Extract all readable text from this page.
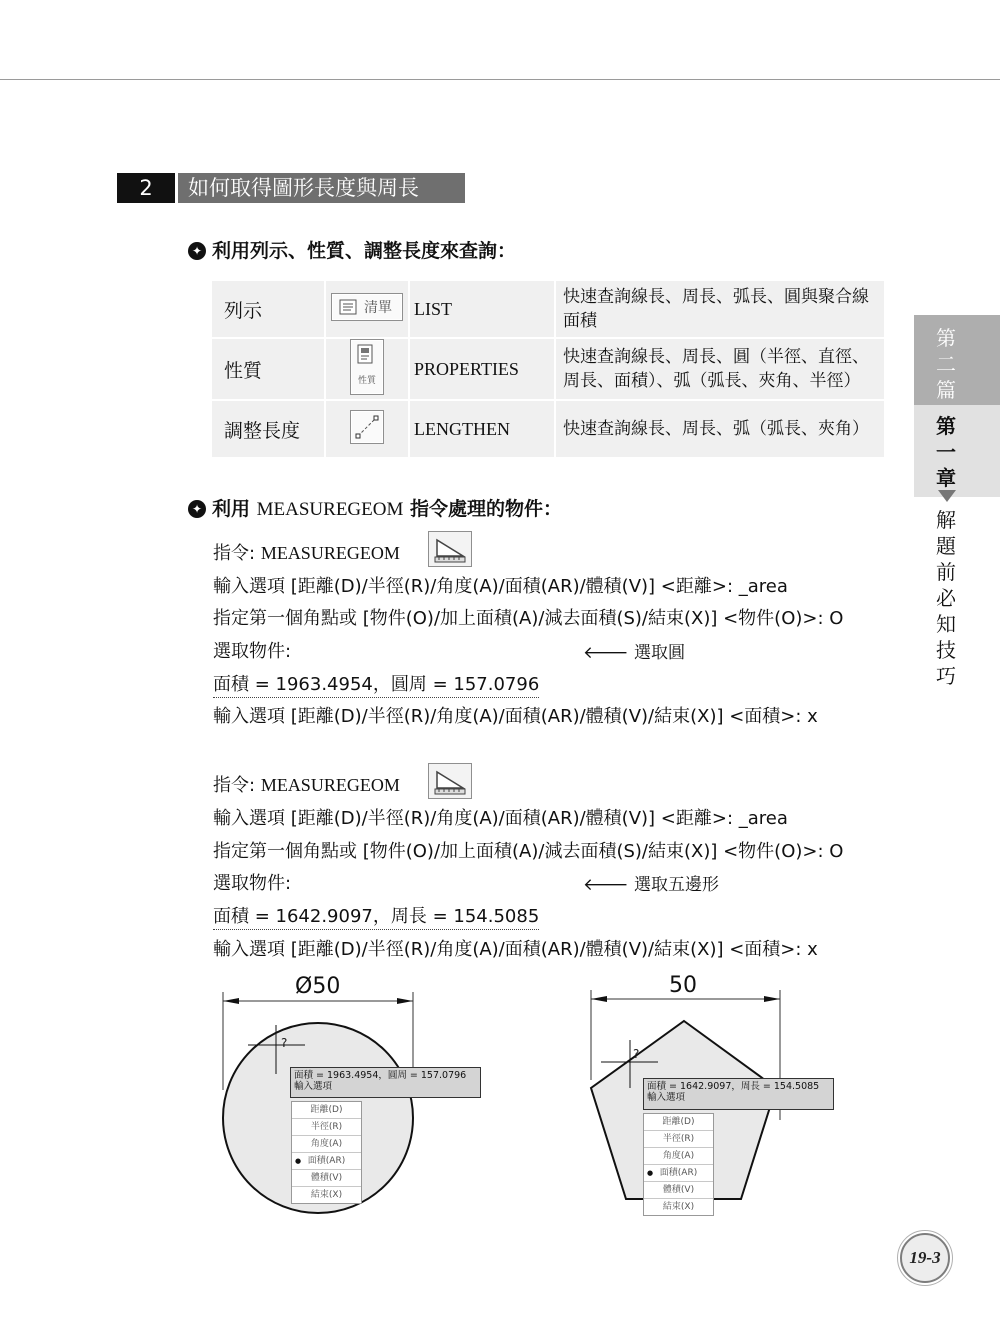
2	如何取得圖形長度與周長
✦ 利用列示、性質、調整長度來查詢：
列示	清單	LIST	快速查詢線長、周長、弧長、圓與聚合線面積
性質	性質	PROPERTIES	快速查詢線長、周長、圓（半徑、直徑、周長、面積）、弧（弧長、夾角、半徑）
調整長度		LENGTHEN	快速查詢線長、周長、弧（弧長、夾角）
✦ 利用 MEASUREGEOM 指令處理的物件：
指令: MEASUREGEOM
輸入選項 [距離(D)/半徑(R)/角度(A)/面積(AR)/體積(V)] <距離>: _area
指定第一個角點或 [物件(O)/加上面積(A)/減去面積(S)/結束(X)] <物件(O)>: O
選取物件:	🡐 選取圓
面積 = 1963.4954，圓周 = 157.0796
輸入選項 [距離(D)/半徑(R)/角度(A)/面積(AR)/體積(V)/結束(X)] <面積>: x
指令: MEASUREGEOM
輸入選項 [距離(D)/半徑(R)/角度(A)/面積(AR)/體積(V)] <距離>: _area
指定第一個角點或 [物件(O)/加上面積(A)/減去面積(S)/結束(X)] <物件(O)>: O
選取物件:	🡐 選取五邊形
面積 = 1642.9097，周長 = 154.5085
輸入選項 [距離(D)/半徑(R)/角度(A)/面積(AR)/體積(V)/結束(X)] <面積>: x
?
Ø50
面積 = 1963.4954，圓周 = 157.0796
輸入選項
距離(D)
半徑(R)
角度(A)
● 面積(AR)
體積(V)
結束(X)
?
50
面積 = 1642.9097，周長 = 154.5085
輸入選項
距離(D)
半徑(R)
角度(A)
● 面積(AR)
體積(V)
結束(X)
第
二
篇
第
一
章
解
題
前
必
知
技
巧
19-3
